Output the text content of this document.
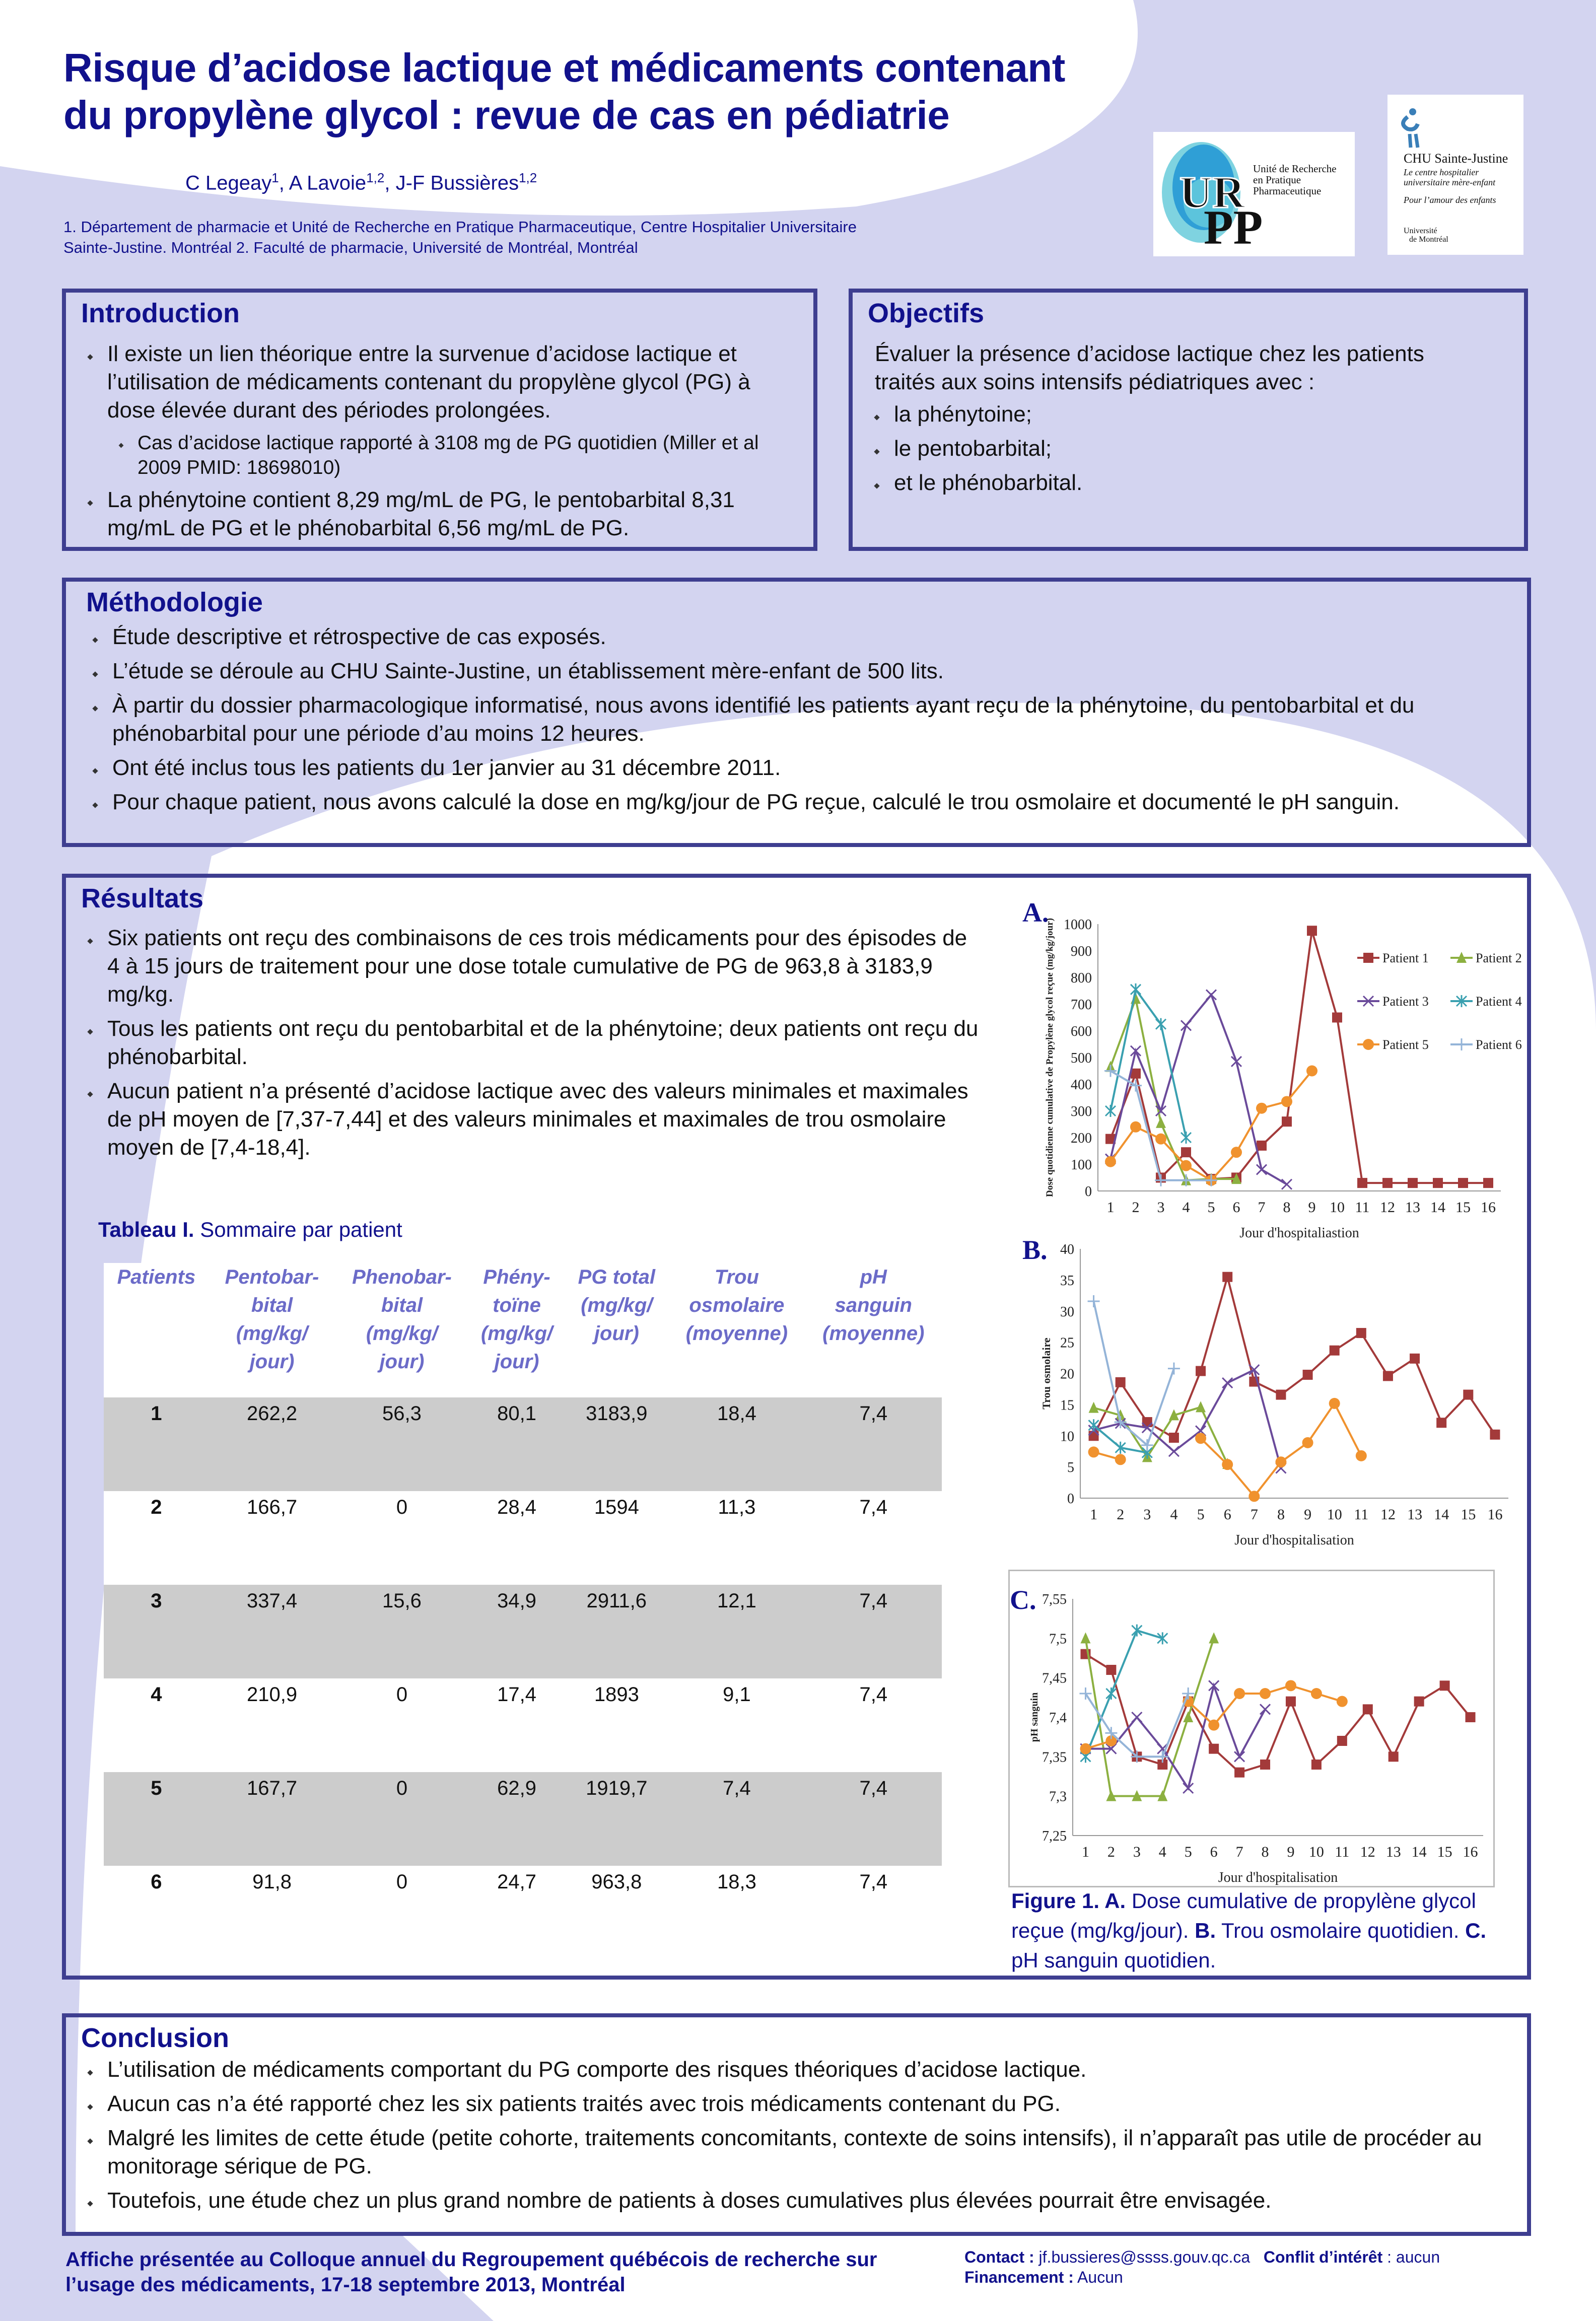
Risque d’acidose lactique et médicaments contenant
du propylène glycol : revue de cas en pédiatrie
C Legeay$^1$, A Lavoie$^{1,2}$, J-F Bussières$^{1,2}$
1. Département de pharmacie et Unité de Recherche en Pratique Pharmaceutique, Centre Hospitalier Universitaire
Sainte-Justine. Montréal 2. Faculté de pharmacie, Université de Montréal, Montréal
UR
PP
Unité de Recherche
en Pratique
Pharmaceutique
CHU Sainte-Justine
Le centre hospitalier
universitaire mère-enfant
Pour l’amour des enfants
Université
de Montréal
Introduction
Il existe un lien théorique entre la survenue d’acidose lactique et l’utilisation de médicaments contenant du propylène glycol (PG) à dose élevée durant des périodes prolongées.
Cas d’acidose lactique rapporté à 3108 mg de PG quotidien (Miller et al 2009 PMID: 18698010)
La phénytoine contient 8,29 mg/mL de PG, le pentobarbital 8,31 mg/mL de PG et le phénobarbital 6,56 mg/mL de PG.
Objectifs
Évaluer la présence d’acidose lactique chez les patients traités aux soins intensifs pédiatriques avec :
la phénytoine;
le pentobarbital;
et le phénobarbital.
Méthodologie
Étude descriptive et rétrospective de cas exposés.
L’étude se déroule au CHU Sainte-Justine, un établissement mère-enfant de 500 lits.
À partir du dossier pharmacologique informatisé, nous avons identifié les patients ayant reçu de la phénytoine, du pentobarbital et du phénobarbital pour une période d’au moins 12 heures.
Ont été inclus tous les patients du 1er janvier au 31 décembre 2011.
Pour chaque patient, nous avons calculé la dose en mg/kg/jour de PG reçue, calculé le trou osmolaire et documenté le pH sanguin.
Résultats
Six patients ont reçu des combinaisons de ces trois médicaments pour des épisodes de 4 à 15 jours de traitement pour une dose totale cumulative de PG de 963,8 à 3183,9 mg/kg.
Tous les patients ont reçu du pentobarbital et de la phénytoine; deux patients ont reçu du phénobarbital.
Aucun patient n’a présenté d’acidose lactique avec des valeurs minimales et maximales de pH moyen de [7,37-7,44] et des valeurs minimales et maximales de trou osmolaire moyen de [7,4-18,4].
Tableau I. Sommaire par patient
Patients	Pentobar-
bital
(mg/kg/
jour)	Phenobar-
bital
(mg/kg/
jour)	Phény-
toïne
(mg/kg/
jour)	PG total
(mg/kg/
jour)	Trou
osmolaire
(moyenne)	pH
sanguin
(moyenne)
1	262,2	56,3	80,1	3183,9	18,4	7,4
2	166,7	0	28,4	1594	11,3	7,4
3	337,4	15,6	34,9	2911,6	12,1	7,4
4	210,9	0	17,4	1893	9,1	7,4
5	167,7	0	62,9	1919,7	7,4	7,4
6	91,8	0	24,7	963,8	18,3	7,4
A.
0
100
200
300
400
500
600
700
800
900
1000
1 2 3 4 5 6 7 8 9 10 11 12 13 14 15 16
Jour d'hospitaliastion
Dose quotidienne cumulative de Propylène glycol reçue (mg/kg/jour)	Patient 1	Patient 2
Patient 3	Patient 4
Patient 5	Patient 6
B.
0
5
10
15
20
25
30
35
40
1 2 3 4 5 6 7 8 9 10 11 12 13 14 15 16
Jour d'hospitalisation
Trou osmolaire
C.
7,25
7,3
7,35
7,4
7,45
7,5
7,55
1 2 3 4 5 6 7 8 9 10 11 12 13 14 15 16
Jour d'hospitalisation
pH sanguin
Figure 1. A. Dose cumulative de propylène glycol reçue (mg/kg/jour). B. Trou osmolaire quotidien. C. pH sanguin quotidien.
Conclusion
L’utilisation de médicaments comportant du PG comporte des risques théoriques d’acidose lactique.
Aucun cas n’a été rapporté chez les six patients traités avec trois médicaments contenant du PG.
Malgré les limites de cette étude (petite cohorte, traitements concomitants, contexte de soins intensifs), il n’apparaît pas utile de procéder au monitorage sérique de PG.
Toutefois, une étude chez un plus grand nombre de patients à doses cumulatives plus élevées pourrait être envisagée.
Affiche présentée au Colloque annuel du Regroupement québécois de recherche sur l’usage des médicaments, 17-18 septembre 2013, Montréal
Contact : jf.bussieres@ssss.gouv.qc.ca Conflit d’intérêt : aucun
Financement : Aucun
